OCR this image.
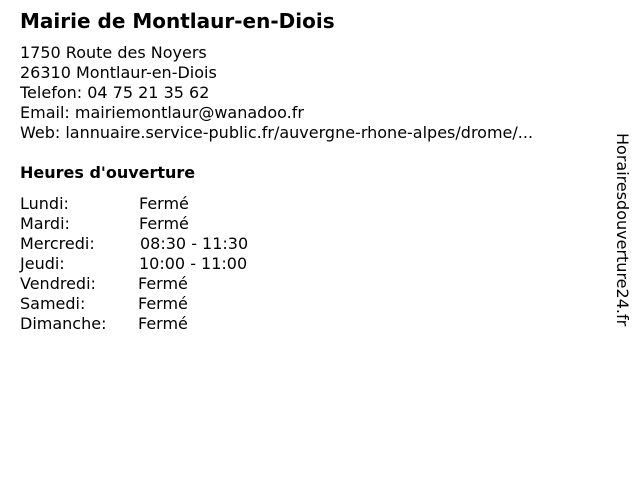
Mairie de Montlaur-en-Diois
1750 Route des Noyers
26310 Montlaur-en-Diois
Telefon: 04 75 21 35 62
Email: mairiemontlaur@wanadoo.fr
Web: lannuaire.service-public.fr/auvergne-rhone-alpes/drome/...
Heures d'ouverture
Lundi:	Fermé
Mardi:	Fermé
Mercredi:	08:30 - 11:30
Jeudi:	10:00 - 11:00
Vendredi:	Fermé
Samedi:	Fermé
Dimanche: Fermé	Horairesdouverture24.fr
